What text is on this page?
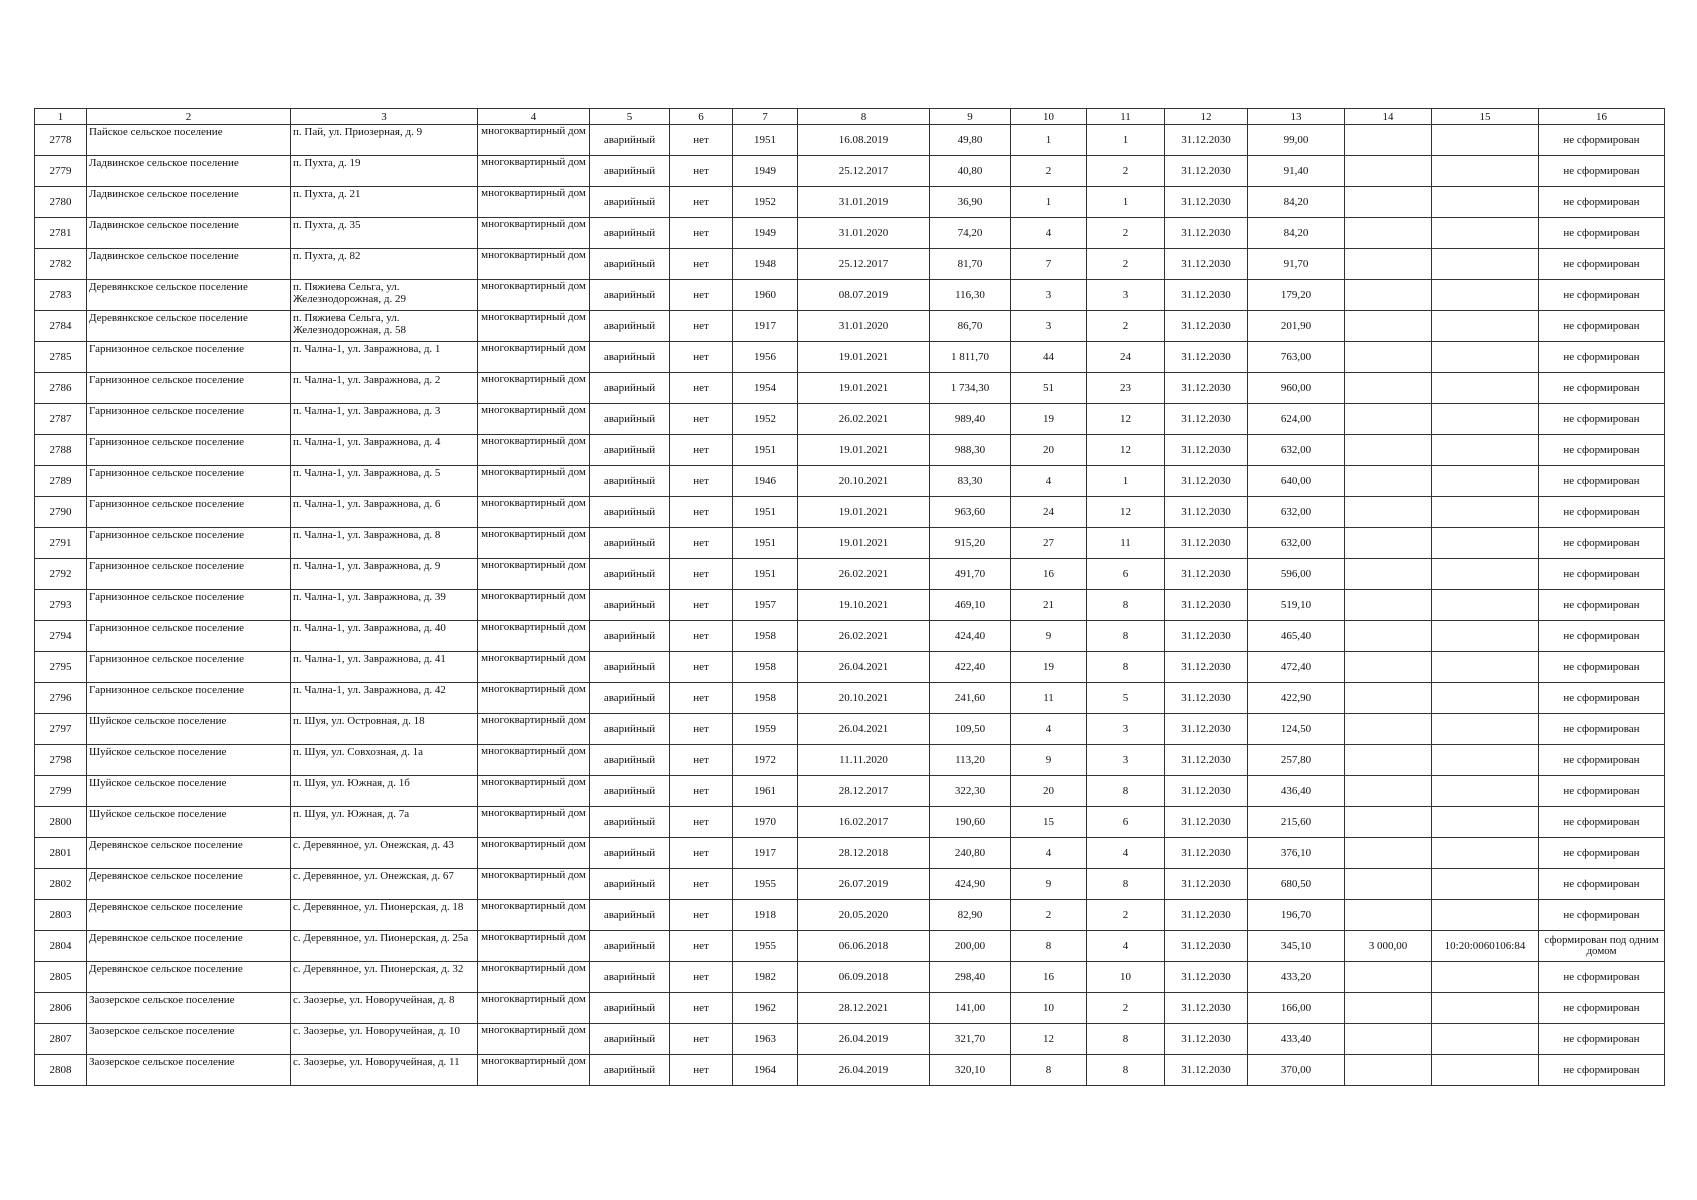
1	2	3	4	5	6	7	8	9	10	11	12	13	14	15	16
2778	Пайское сельское поселение	п. Пай, ул. Приозерная, д. 9	многоквартирный дом	аварийный	нет	1951	16.08.2019	49,80	1	1	31.12.2030	99,00			не сформирован
2779	Ладвинское сельское поселение	п. Пухта, д. 19	многоквартирный дом	аварийный	нет	1949	25.12.2017	40,80	2	2	31.12.2030	91,40			не сформирован
2780	Ладвинское сельское поселение	п. Пухта, д. 21	многоквартирный дом	аварийный	нет	1952	31.01.2019	36,90	1	1	31.12.2030	84,20			не сформирован
2781	Ладвинское сельское поселение	п. Пухта, д. 35	многоквартирный дом	аварийный	нет	1949	31.01.2020	74,20	4	2	31.12.2030	84,20			не сформирован
2782	Ладвинское сельское поселение	п. Пухта, д. 82	многоквартирный дом	аварийный	нет	1948	25.12.2017	81,70	7	2	31.12.2030	91,70			не сформирован
2783	Деревянкское сельское поселение	п. Пяжиева Сельга, ул. Железнодорожная, д. 29	многоквартирный дом	аварийный	нет	1960	08.07.2019	116,30	3	3	31.12.2030	179,20			не сформирован
2784	Деревянкское сельское поселение	п. Пяжиева Сельга, ул. Железнодорожная, д. 58	многоквартирный дом	аварийный	нет	1917	31.01.2020	86,70	3	2	31.12.2030	201,90			не сформирован
2785	Гарнизонное сельское поселение	п. Чална-1, ул. Завражнова, д. 1	многоквартирный дом	аварийный	нет	1956	19.01.2021	1 811,70	44	24	31.12.2030	763,00			не сформирован
2786	Гарнизонное сельское поселение	п. Чална-1, ул. Завражнова, д. 2	многоквартирный дом	аварийный	нет	1954	19.01.2021	1 734,30	51	23	31.12.2030	960,00			не сформирован
2787	Гарнизонное сельское поселение	п. Чална-1, ул. Завражнова, д. 3	многоквартирный дом	аварийный	нет	1952	26.02.2021	989,40	19	12	31.12.2030	624,00			не сформирован
2788	Гарнизонное сельское поселение	п. Чална-1, ул. Завражнова, д. 4	многоквартирный дом	аварийный	нет	1951	19.01.2021	988,30	20	12	31.12.2030	632,00			не сформирован
2789	Гарнизонное сельское поселение	п. Чална-1, ул. Завражнова, д. 5	многоквартирный дом	аварийный	нет	1946	20.10.2021	83,30	4	1	31.12.2030	640,00			не сформирован
2790	Гарнизонное сельское поселение	п. Чална-1, ул. Завражнова, д. 6	многоквартирный дом	аварийный	нет	1951	19.01.2021	963,60	24	12	31.12.2030	632,00			не сформирован
2791	Гарнизонное сельское поселение	п. Чална-1, ул. Завражнова, д. 8	многоквартирный дом	аварийный	нет	1951	19.01.2021	915,20	27	11	31.12.2030	632,00			не сформирован
2792	Гарнизонное сельское поселение	п. Чална-1, ул. Завражнова, д. 9	многоквартирный дом	аварийный	нет	1951	26.02.2021	491,70	16	6	31.12.2030	596,00			не сформирован
2793	Гарнизонное сельское поселение	п. Чална-1, ул. Завражнова, д. 39	многоквартирный дом	аварийный	нет	1957	19.10.2021	469,10	21	8	31.12.2030	519,10			не сформирован
2794	Гарнизонное сельское поселение	п. Чална-1, ул. Завражнова, д. 40	многоквартирный дом	аварийный	нет	1958	26.02.2021	424,40	9	8	31.12.2030	465,40			не сформирован
2795	Гарнизонное сельское поселение	п. Чална-1, ул. Завражнова, д. 41	многоквартирный дом	аварийный	нет	1958	26.04.2021	422,40	19	8	31.12.2030	472,40			не сформирован
2796	Гарнизонное сельское поселение	п. Чална-1, ул. Завражнова, д. 42	многоквартирный дом	аварийный	нет	1958	20.10.2021	241,60	11	5	31.12.2030	422,90			не сформирован
2797	Шуйское сельское поселение	п. Шуя, ул. Островная, д. 18	многоквартирный дом	аварийный	нет	1959	26.04.2021	109,50	4	3	31.12.2030	124,50			не сформирован
2798	Шуйское сельское поселение	п. Шуя, ул. Совхозная, д. 1а	многоквартирный дом	аварийный	нет	1972	11.11.2020	113,20	9	3	31.12.2030	257,80			не сформирован
2799	Шуйское сельское поселение	п. Шуя, ул. Южная, д. 1б	многоквартирный дом	аварийный	нет	1961	28.12.2017	322,30	20	8	31.12.2030	436,40			не сформирован
2800	Шуйское сельское поселение	п. Шуя, ул. Южная, д. 7а	многоквартирный дом	аварийный	нет	1970	16.02.2017	190,60	15	6	31.12.2030	215,60			не сформирован
2801	Деревянское сельское поселение	с. Деревянное, ул. Онежская, д. 43	многоквартирный дом	аварийный	нет	1917	28.12.2018	240,80	4	4	31.12.2030	376,10			не сформирован
2802	Деревянское сельское поселение	с. Деревянное, ул. Онежская, д. 67	многоквартирный дом	аварийный	нет	1955	26.07.2019	424,90	9	8	31.12.2030	680,50			не сформирован
2803	Деревянское сельское поселение	с. Деревянное, ул. Пионерская, д. 18	многоквартирный дом	аварийный	нет	1918	20.05.2020	82,90	2	2	31.12.2030	196,70			не сформирован
2804	Деревянское сельское поселение	с. Деревянное, ул. Пионерская, д. 25а	многоквартирный дом	аварийный	нет	1955	06.06.2018	200,00	8	4	31.12.2030	345,10	3 000,00	10:20:0060106:84	сформирован под одним домом
2805	Деревянское сельское поселение	с. Деревянное, ул. Пионерская, д. 32	многоквартирный дом	аварийный	нет	1982	06.09.2018	298,40	16	10	31.12.2030	433,20			не сформирован
2806	Заозерское сельское поселение	с. Заозерье, ул. Новоручейная, д. 8	многоквартирный дом	аварийный	нет	1962	28.12.2021	141,00	10	2	31.12.2030	166,00			не сформирован
2807	Заозерское сельское поселение	с. Заозерье, ул. Новоручейная, д. 10	многоквартирный дом	аварийный	нет	1963	26.04.2019	321,70	12	8	31.12.2030	433,40			не сформирован
2808	Заозерское сельское поселение	с. Заозерье, ул. Новоручейная, д. 11	многоквартирный дом	аварийный	нет	1964	26.04.2019	320,10	8	8	31.12.2030	370,00			не сформирован
